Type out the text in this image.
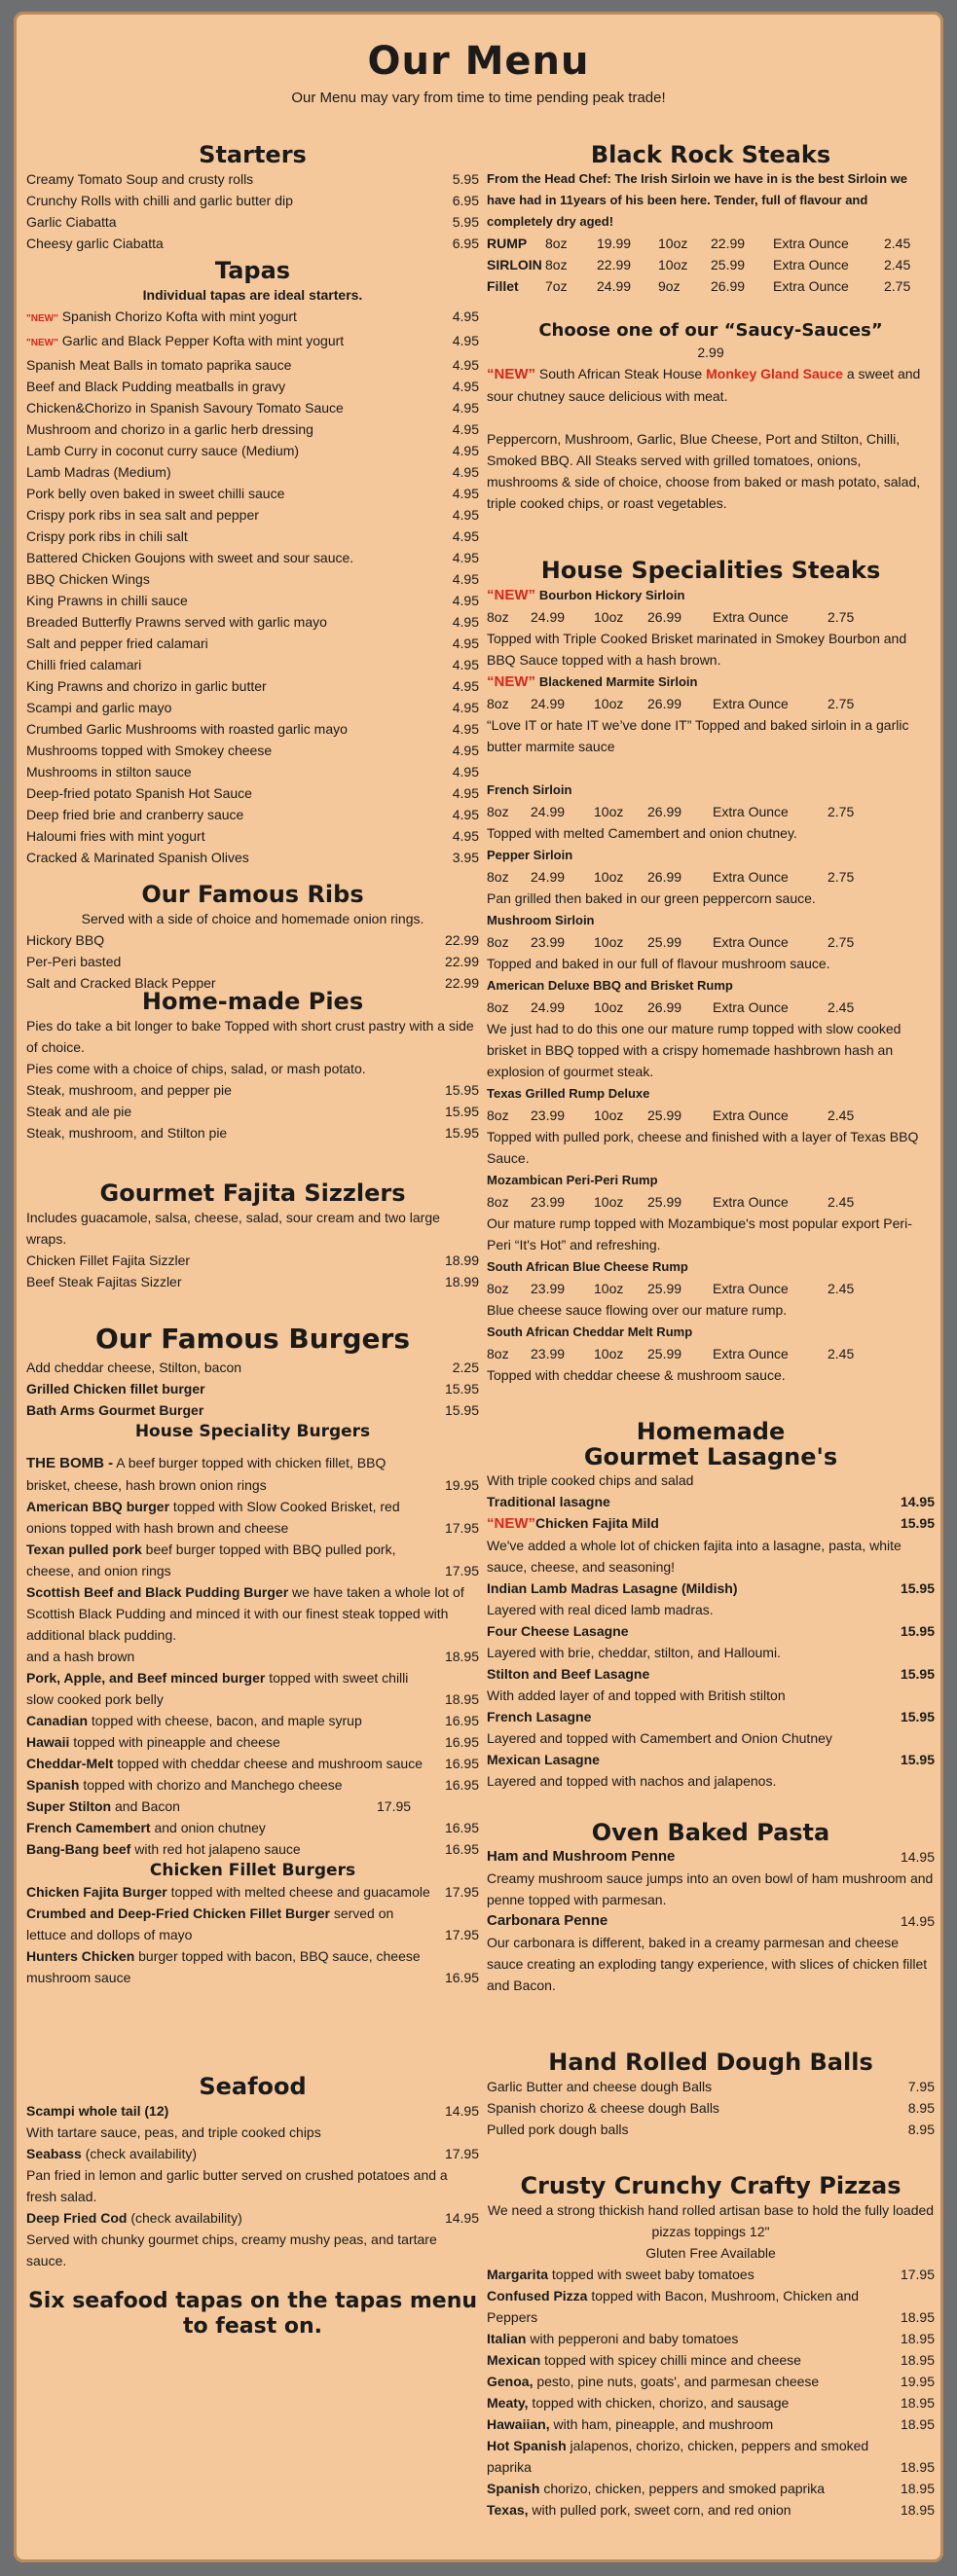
Our Menu
Our Menu may vary from time to time pending peak trade!
Starters
Creamy Tomato Soup and crusty rolls	5.95
Crunchy Rolls with chilli and garlic butter dip	6.95
Garlic Ciabatta	5.95
Cheesy garlic Ciabatta	6.95
Tapas
Individual tapas are ideal starters.
"NEW" Spanish Chorizo Kofta with mint yogurt	4.95
"NEW" Garlic and Black Pepper Kofta with mint yogurt	4.95
Spanish Meat Balls in tomato paprika sauce	4.95
Beef and Black Pudding meatballs in gravy	4.95
Chicken&Chorizo in Spanish Savoury Tomato Sauce	4.95
Mushroom and chorizo in a garlic herb dressing	4.95
Lamb Curry in coconut curry sauce (Medium)	4.95
Lamb Madras (Medium)	4.95
Pork belly oven baked in sweet chilli sauce	4.95
Crispy pork ribs in sea salt and pepper	4.95
Crispy pork ribs in chili salt	4.95
Battered Chicken Goujons with sweet and sour sauce.	4.95
BBQ Chicken Wings	4.95
King Prawns in chilli sauce	4.95
Breaded Butterfly Prawns served with garlic mayo	4.95
Salt and pepper fried calamari	4.95
Chilli fried calamari	4.95
King Prawns and chorizo in garlic butter	4.95
Scampi and garlic mayo	4.95
Crumbed Garlic Mushrooms with roasted garlic mayo	4.95
Mushrooms topped with Smokey cheese	4.95
Mushrooms in stilton sauce	4.95
Deep-fried potato Spanish Hot Sauce	4.95
Deep fried brie and cranberry sauce	4.95
Haloumi fries with mint yogurt	4.95
Cracked & Marinated Spanish Olives	3.95
Our Famous Ribs
Served with a side of choice and homemade onion rings.
Hickory BBQ	22.99
Per-Peri basted	22.99
Salt and Cracked Black Pepper	22.99
Home-made Pies
Pies do take a bit longer to bake Topped with short crust pastry with a side of choice.
Pies come with a choice of chips, salad, or mash potato.
Steak, mushroom, and pepper pie	15.95
Steak and ale pie	15.95
Steak, mushroom, and Stilton pie	15.95
Gourmet Fajita Sizzlers
Includes guacamole, salsa, cheese, salad, sour cream and two large wraps.
Chicken Fillet Fajita Sizzler	18.99
Beef Steak Fajitas Sizzler	18.99
Our Famous Burgers
Add cheddar cheese, Stilton, bacon	2.25
Grilled Chicken fillet burger	15.95
Bath Arms Gourmet Burger	15.95
House Speciality Burgers
THE BOMB - A beef burger topped with chicken fillet, BBQ brisket, cheese, hash brown onion rings	19.95
American BBQ burger topped with Slow Cooked Brisket, red onions topped with hash brown and cheese	17.95
Texan pulled pork beef burger topped with BBQ pulled pork, cheese, and onion rings	17.95
Scottish Beef and Black Pudding Burger we have taken a whole lot of Scottish Black Pudding and minced it with our finest steak topped with additional black pudding.
and a hash brown	18.95
Pork, Apple, and Beef minced burger topped with sweet chilli slow cooked pork belly	18.95
Canadian topped with cheese, bacon, and maple syrup	16.95
Hawaii topped with pineapple and cheese	16.95
Cheddar-Melt topped with cheddar cheese and mushroom sauce	16.95
Spanish topped with chorizo and Manchego cheese	16.95
Super Stilton and Bacon	17.95
French Camembert and onion chutney	16.95
Bang-Bang beef with red hot jalapeno sauce	16.95
Chicken Fillet Burgers
Chicken Fajita Burger topped with melted cheese and guacamole	17.95
Crumbed and Deep-Fried Chicken Fillet Burger served on lettuce and dollops of mayo	17.95
Hunters Chicken burger topped with bacon, BBQ sauce, cheese mushroom sauce	16.95
Seafood
Scampi whole tail (12)	14.95
With tartare sauce, peas, and triple cooked chips
Seabass (check availability)	17.95
Pan fried in lemon and garlic butter served on crushed potatoes and a fresh salad.
Deep Fried Cod (check availability)	14.95
Served with chunky gourmet chips, creamy mushy peas, and tartare sauce.
Six seafood tapas on the tapas menu to feast on.
Black Rock Steaks
From the Head Chef: The Irish Sirloin we have in is the best Sirloin we have had in 11years of his been here. Tender, full of flavour and completely dry aged!
RUMP 8oz 19.99 10oz 22.99 Extra Ounce	2.45
SIRLOIN 8oz 22.99 10oz 25.99 Extra Ounce	2.45
Fillet 7oz 24.99 9oz 26.99 Extra Ounce	2.75
Choose one of our “Saucy-Sauces”
2.99
“NEW” South African Steak House Monkey Gland Sauce a sweet and sour chutney sauce delicious with meat.
Peppercorn, Mushroom, Garlic, Blue Cheese, Port and Stilton, Chilli, Smoked BBQ. All Steaks served with grilled tomatoes, onions, mushrooms & side of choice, choose from baked or mash potato, salad, triple cooked chips, or roast vegetables.
House Specialities Steaks
“NEW” Bourbon Hickory Sirloin
8oz 24.99 10oz 26.99 Extra Ounce	2.75
Topped with Triple Cooked Brisket marinated in Smokey Bourbon and BBQ Sauce topped with a hash brown.
“NEW” Blackened Marmite Sirloin
8oz 24.99 10oz 26.99 Extra Ounce	2.75
“Love IT or hate IT we’ve done IT” Topped and baked sirloin in a garlic butter marmite sauce
French Sirloin
8oz 24.99 10oz 26.99 Extra Ounce	2.75
Topped with melted Camembert and onion chutney.
Pepper Sirloin
8oz 24.99 10oz 26.99 Extra Ounce	2.75
Pan grilled then baked in our green peppercorn sauce.
Mushroom Sirloin
8oz 23.99 10oz 25.99 Extra Ounce	2.75
Topped and baked in our full of flavour mushroom sauce.
American Deluxe BBQ and Brisket Rump
8oz 24.99 10oz 26.99 Extra Ounce	2.45
We just had to do this one our mature rump topped with slow cooked brisket in BBQ topped with a crispy homemade hashbrown hash an explosion of gourmet steak.
Texas Grilled Rump Deluxe
8oz 23.99 10oz 25.99 Extra Ounce	2.45
Topped with pulled pork, cheese and finished with a layer of Texas BBQ Sauce.
Mozambican Peri-Peri Rump
8oz 23.99 10oz 25.99 Extra Ounce	2.45
Our mature rump topped with Mozambique's most popular export Peri-Peri “It's Hot” and refreshing.
South African Blue Cheese Rump
8oz 23.99 10oz 25.99 Extra Ounce	2.45
Blue cheese sauce flowing over our mature rump.
South African Cheddar Melt Rump
8oz 23.99 10oz 25.99 Extra Ounce	2.45
Topped with cheddar cheese & mushroom sauce.
Homemade
Gourmet Lasagne's
With triple cooked chips and salad
Traditional lasagne	14.95
“NEW”Chicken Fajita Mild	15.95
We've added a whole lot of chicken fajita into a lasagne, pasta, white sauce, cheese, and seasoning!
Indian Lamb Madras Lasagne (Mildish)	15.95
Layered with real diced lamb madras.
Four Cheese Lasagne	15.95
Layered with brie, cheddar, stilton, and Halloumi.
Stilton and Beef Lasagne	15.95
With added layer of and topped with British stilton
French Lasagne	15.95
Layered and topped with Camembert and Onion Chutney
Mexican Lasagne	15.95
Layered and topped with nachos and jalapenos.
Oven Baked Pasta
Ham and Mushroom Penne	14.95
Creamy mushroom sauce jumps into an oven bowl of ham mushroom and penne topped with parmesan.
Carbonara Penne	14.95
Our carbonara is different, baked in a creamy parmesan and cheese sauce creating an exploding tangy experience, with slices of chicken fillet and Bacon.
Hand Rolled Dough Balls
Garlic Butter and cheese dough Balls	7.95
Spanish chorizo & cheese dough Balls	8.95
Pulled pork dough balls	8.95
Crusty Crunchy Crafty Pizzas
We need a strong thickish hand rolled artisan base to hold the fully loaded pizzas toppings 12"
Gluten Free Available
Margarita topped with sweet baby tomatoes	17.95
Confused Pizza topped with Bacon, Mushroom, Chicken and Peppers	18.95
Italian with pepperoni and baby tomatoes	18.95
Mexican topped with spicey chilli mince and cheese	18.95
Genoa, pesto, pine nuts, goats', and parmesan cheese	19.95
Meaty, topped with chicken, chorizo, and sausage	18.95
Hawaiian, with ham, pineapple, and mushroom	18.95
Hot Spanish jalapenos, chorizo, chicken, peppers and smoked paprika	18.95
Spanish chorizo, chicken, peppers and smoked paprika	18.95
Texas, with pulled pork, sweet corn, and red onion	18.95
